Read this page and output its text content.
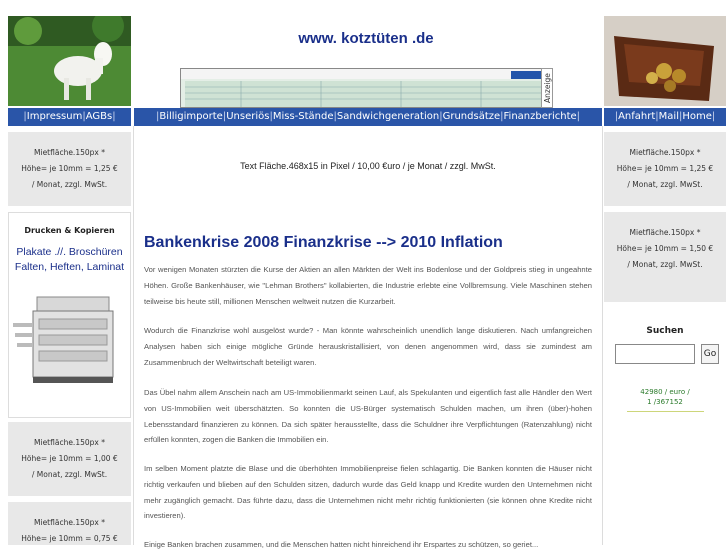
www. kotztüten .de
Anzeige
|Impressum|AGBs|	|Billigimporte|Unseriös|Miss-Stände|Sandwichgeneration|Grundsätze|Finanzberichte|	|Anfahrt|Mail|Home|
Mietfläche.150px *
Höhe= je 10mm = 1,25 €
/ Monat, zzgl. MwSt.
Drucken & Kopieren
Plakate .//. Broschüren
Falten, Heften, Laminat
Mietfläche.150px *
Höhe= je 10mm = 1,00 €
/ Monat, zzgl. MwSt.
Mietfläche.150px *
Höhe= je 10mm = 0,75 €
Text Fläche.468x15 in Pixel / 10,00 €uro / je Monat / zzgl. MwSt.
Bankenkrise 2008 Finanzkrise --> 2010 Inflation

Vor wenigen Monaten stürzten die Kurse der Aktien an allen Märkten der Welt ins Bodenlose und der Goldpreis stieg in ungeahnte Höhen. Große Bankenhäuser, wie "Lehman Brothers" kollabierten, die Industrie erlebte eine Vollbremsung. Viele Maschinen stehen teilweise bis heute still, millionen Menschen weltweit nutzen die Kurzarbeit.

Wodurch die Finanzkrise wohl ausgelöst wurde? - Man könnte wahrscheinlich unendlich lange diskutieren. Nach umfangreichen Analysen haben sich einige mögliche Gründe herauskristallisiert, von denen angenommen wird, dass sie zumindest am Zusammenbruch der Weltwirtschaft beteiligt waren.

Das Übel nahm allem Anschein nach am US-Immobilienmarkt seinen Lauf, als Spekulanten und eigentlich fast alle Händler den Wert von US-Immobilien weit überschätzten. So konnten die US-Bürger systematisch Schulden machen, um ihren (über)-hohen Lebensstandard finanzieren zu können. Da sich später herausstellte, dass die Schuldner ihre Verpflichtungen (Ratenzahlung) nicht erfüllen konnten, zogen die Banken die Immobilien ein.

Im selben Moment platzte die Blase und die überhöhten Immobilienpreise fielen schlagartig. Die Banken konnten die Häuser nicht richtig verkaufen und blieben auf den Schulden sitzen, dadurch wurde das Geld knapp und Kredite wurden den Unternehmen nicht mehr zugänglich gemacht. Das führte dazu, dass die Unternehmen nicht mehr richtig funktionierten (sie können ohne Kredite nicht investieren).

Einige Banken brachen zusammen, und die Menschen hatten nicht hinreichend ihr Erspartes zu schützen, so geriet...

Mietfläche.150px *
Höhe= je 10mm = 1,25 €
/ Monat, zzgl. MwSt.
Mietfläche.150px *
Höhe= je 10mm = 1,50 €
/ Monat, zzgl. MwSt.
Suchen
Go
42980 / euro /
1 /367152
